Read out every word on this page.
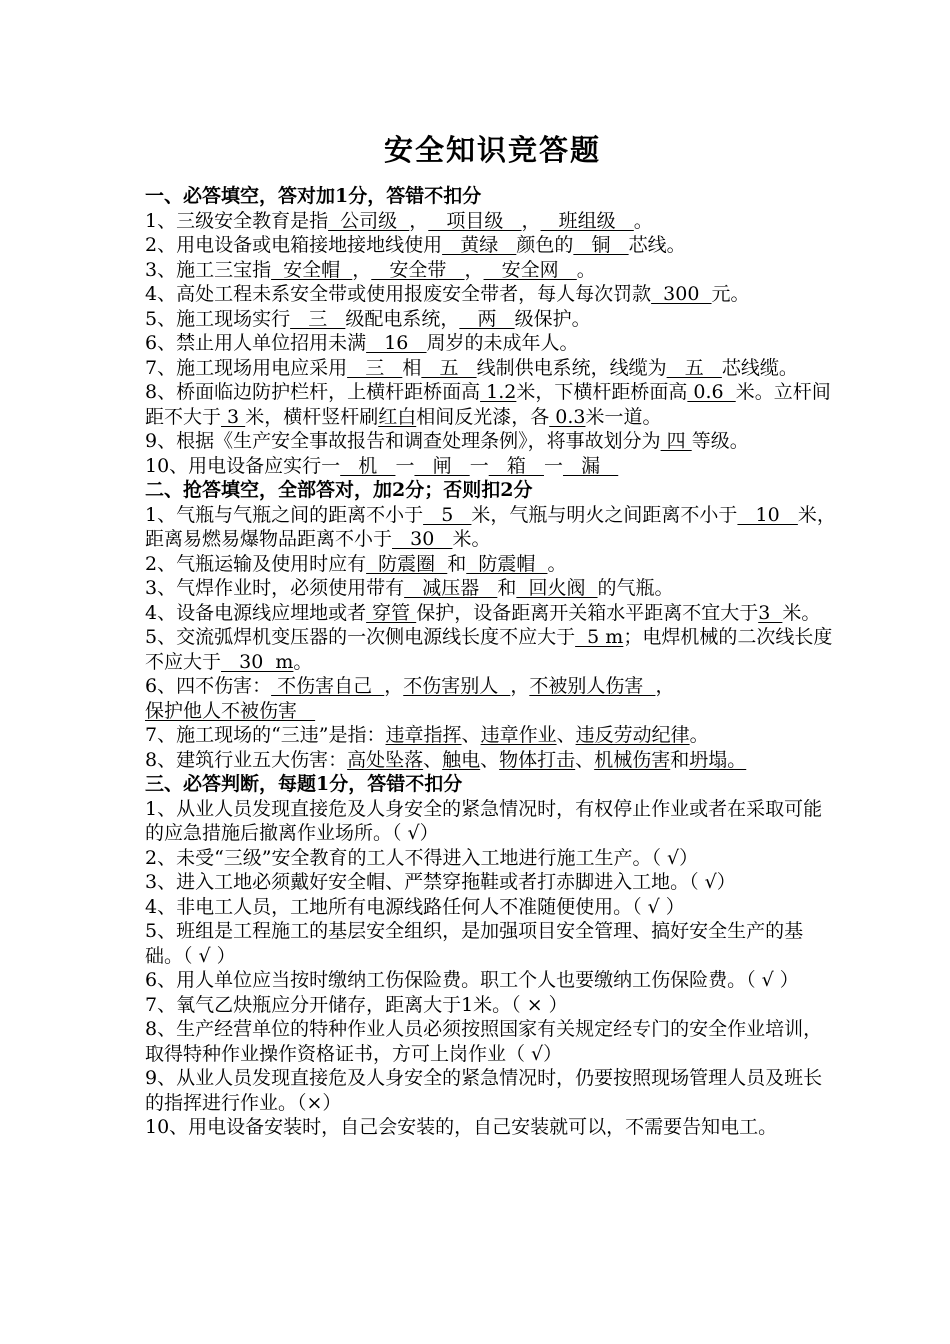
安全知识竞答题
一、必答填空，答对加1分，答错不扣分
1、三级安全教育是指  公司级  ，   项目级   ，   班组级   。
2、用电设备或电箱接地接地线使用   黄绿   颜色的   铜   芯线。
3、施工三宝指  安全帽  ，   安全带   ，   安全网   。
4、高处工程未系安全带或使用报废安全带者，每人每次罚款  300  元。
5、施工现场实行   三   级配电系统，   两   级保护。
6、禁止用人单位招用未满   16   周岁的未成年人。
7、施工现场用电应采用   三   相   五   线制供电系统，线缆为   五   芯线缆。
8、桥面临边防护栏杆，上横杆距桥面高 1.2米，下横杆距桥面高 0.6  米。立杆间距不大于 3 米，横杆竖杆刷红白相间反光漆，各 0.3米一道。
9、根据《生产安全事故报告和调查处理条例》，将事故划分为 四 等级。
10、用电设备应实行一   机   一   闸   一   箱   一   漏
二、抢答填空，全部答对，加2分；否则扣2分
1、气瓶与气瓶之间的距离不小于   5   米，气瓶与明火之间距离不小于   10   米，距离易燃易爆物品距离不小于   30   米。
2、气瓶运输及使用时应有  防震圈  和  防震帽  。
3、气焊作业时，必须使用带有   减压器   和  回火阀  的气瓶。
4、设备电源线应埋地或者 穿管 保护，设备距离开关箱水平距离不宜大于3  米。
5、交流弧焊机变压器的一次侧电源线长度不应大于  5 m；电焊机械的二次线长度不应大于   30  m。
6、四不伤害： 不伤害自己  ，不伤害别人  ，不被别人伤害  ，保护他人不被伤害
7、施工现场的“三违”是指：违章指挥、违章作业、违反劳动纪律。
8、建筑行业五大伤害：高处坠落、触电、物体打击、机械伤害和坍塌。
三、必答判断，每题1分，答错不扣分
1、从业人员发现直接危及人身安全的紧急情况时，有权停止作业或者在采取可能的应急措施后撤离作业场所。（ √）
2、未受“三级”安全教育的工人不得进入工地进行施工生产。（ √）
3、进入工地必须戴好安全帽、严禁穿拖鞋或者打赤脚进入工地。（ √）
4、非电工人员，工地所有电源线路任何人不准随便使用。（ √ ）
5、班组是工程施工的基层安全组织，是加强项目安全管理、搞好安全生产的基础。（ √ ）
6、用人单位应当按时缴纳工伤保险费。职工个人也要缴纳工伤保险费。（ √ ）
7、氧气乙炔瓶应分开储存，距离大于1米。（ × ）
8、生产经营单位的特种作业人员必须按照国家有关规定经专门的安全作业培训，取得特种作业操作资格证书，方可上岗作业（ √）
9、从业人员发现直接危及人身安全的紧急情况时，仍要按照现场管理人员及班长的指挥进行作业。（×）
10、用电设备安装时，自己会安装的，自己安装就可以，不需要告知电工。
